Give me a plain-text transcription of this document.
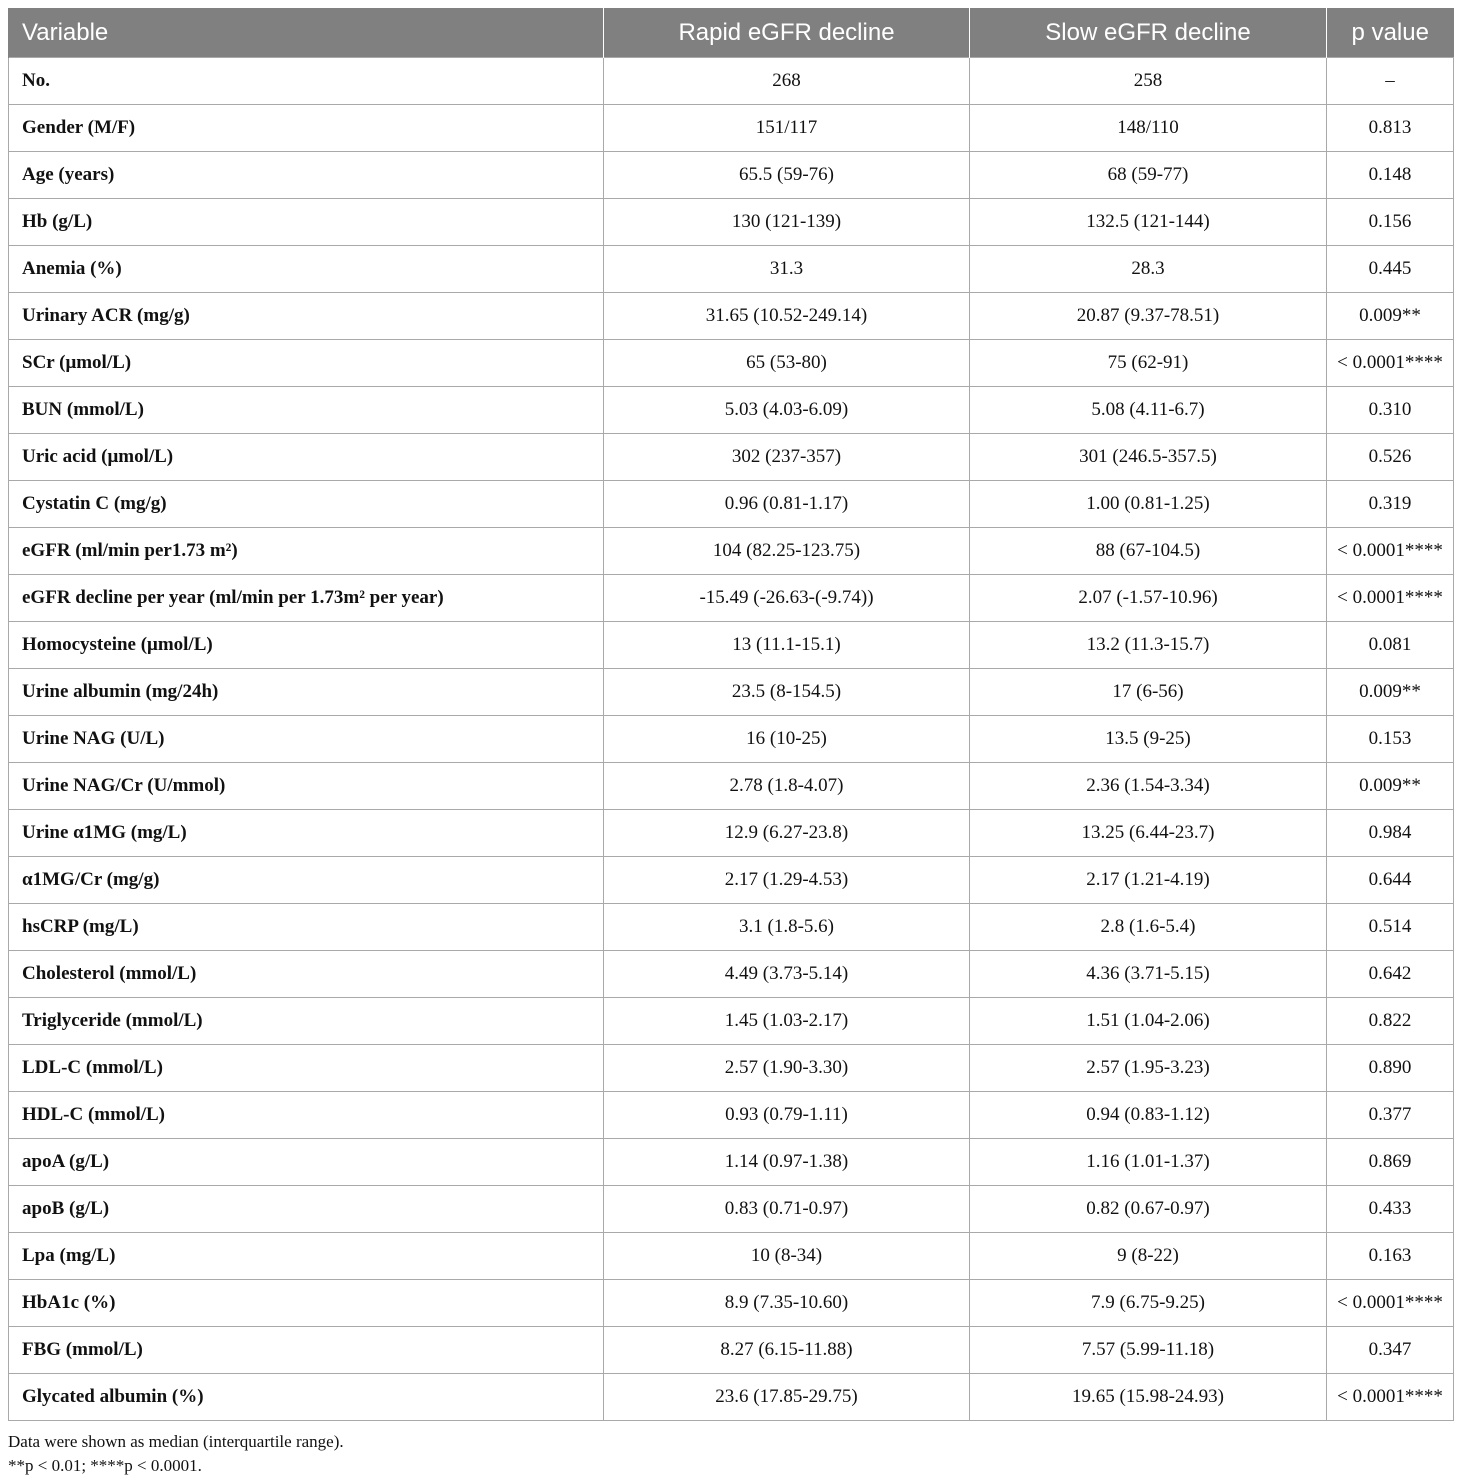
Variable	Rapid eGFR decline	Slow eGFR decline	p value
No.	268	258	–
Gender (M/F)	151/117	148/110	0.813
Age (years)	65.5 (59-76)	68 (59-77)	0.148
Hb (g/L)	130 (121-139)	132.5 (121-144)	0.156
Anemia (%)	31.3	28.3	0.445
Urinary ACR (mg/g)	31.65 (10.52-249.14)	20.87 (9.37-78.51)	0.009**
SCr (μmol/L)	65 (53-80)	75 (62-91)	< 0.0001****
BUN (mmol/L)	5.03 (4.03-6.09)	5.08 (4.11-6.7)	0.310
Uric acid (μmol/L)	302 (237-357)	301 (246.5-357.5)	0.526
Cystatin C (mg/g)	0.96 (0.81-1.17)	1.00 (0.81-1.25)	0.319
eGFR (ml/min per1.73 m²)	104 (82.25-123.75)	88 (67-104.5)	< 0.0001****
eGFR decline per year (ml/min per 1.73m² per year)	-15.49 (-26.63-(-9.74))	2.07 (-1.57-10.96)	< 0.0001****
Homocysteine (μmol/L)	13 (11.1-15.1)	13.2 (11.3-15.7)	0.081
Urine albumin (mg/24h)	23.5 (8-154.5)	17 (6-56)	0.009**
Urine NAG (U/L)	16 (10-25)	13.5 (9-25)	0.153
Urine NAG/Cr (U/mmol)	2.78 (1.8-4.07)	2.36 (1.54-3.34)	0.009**
Urine α1MG (mg/L)	12.9 (6.27-23.8)	13.25 (6.44-23.7)	0.984
α1MG/Cr (mg/g)	2.17 (1.29-4.53)	2.17 (1.21-4.19)	0.644
hsCRP (mg/L)	3.1 (1.8-5.6)	2.8 (1.6-5.4)	0.514
Cholesterol (mmol/L)	4.49 (3.73-5.14)	4.36 (3.71-5.15)	0.642
Triglyceride (mmol/L)	1.45 (1.03-2.17)	1.51 (1.04-2.06)	0.822
LDL-C (mmol/L)	2.57 (1.90-3.30)	2.57 (1.95-3.23)	0.890
HDL-C (mmol/L)	0.93 (0.79-1.11)	0.94 (0.83-1.12)	0.377
apoA (g/L)	1.14 (0.97-1.38)	1.16 (1.01-1.37)	0.869
apoB (g/L)	0.83 (0.71-0.97)	0.82 (0.67-0.97)	0.433
Lpa (mg/L)	10 (8-34)	9 (8-22)	0.163
HbA1c (%)	8.9 (7.35-10.60)	7.9 (6.75-9.25)	< 0.0001****
FBG (mmol/L)	8.27 (6.15-11.88)	7.57 (5.99-11.18)	0.347
Glycated albumin (%)	23.6 (17.85-29.75)	19.65 (15.98-24.93)	< 0.0001****
Data were shown as median (interquartile range).
**p < 0.01; ****p < 0.0001.
